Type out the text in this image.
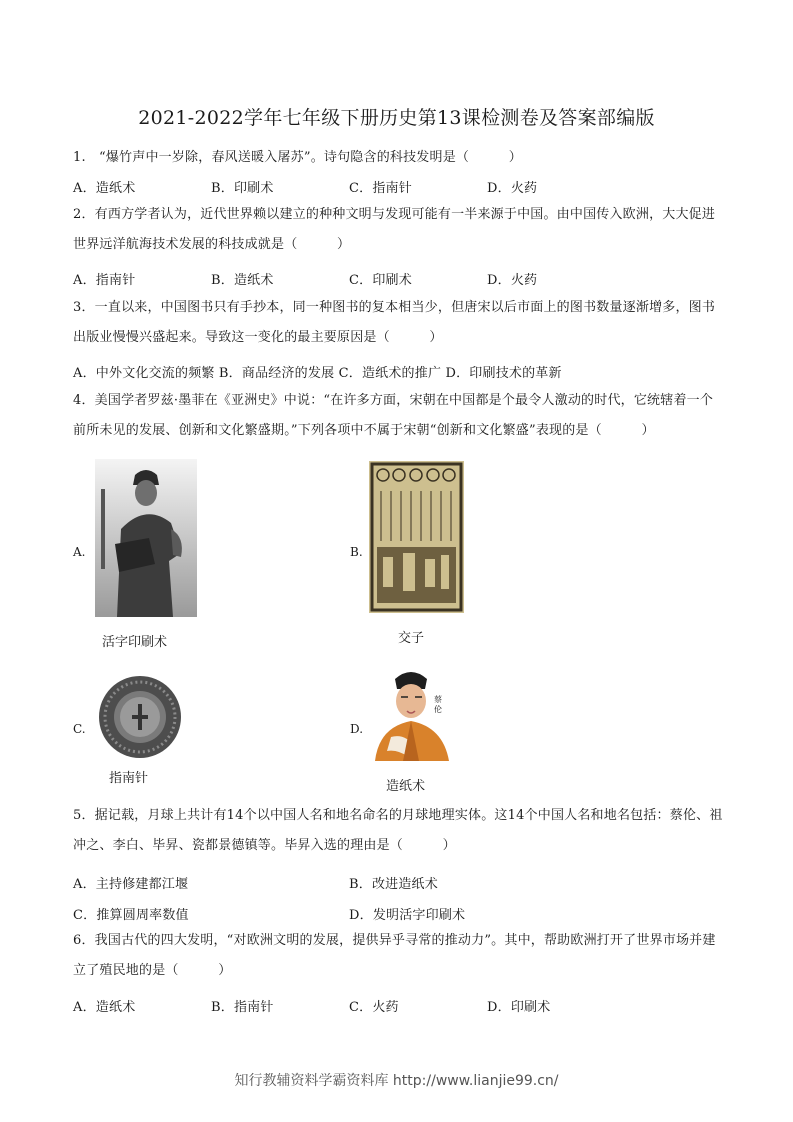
2021-2022学年七年级下册历史第13课检测卷及答案部编版
1.　“爆竹声中一岁除，春风送暖入屠苏”。诗句隐含的科技发明是（　　　）
A．造纸术	B．印刷术	C．指南针	D．火药
2．有西方学者认为，近代世界赖以建立的种种文明与发现可能有一半来源于中国。由中国传入欧洲，大大促进世界远洋航海技术发展的科技成就是（　　　）
A．指南针	B．造纸术	C．印刷术	D．火药
3．一直以来，中国图书只有手抄本，同一种图书的复本相当少，但唐宋以后市面上的图书数量逐渐增多，图书出版业慢慢兴盛起来。导致这一变化的最主要原因是（　　　）
A．中外文化交流的频繁 B．商品经济的发展 C．造纸术的推广 D．印刷技术的革新
4．美国学者罗兹·墨菲在《亚洲史》中说：“在许多方面，宋朝在中国都是个最令人激动的时代，它统辖着一个前所未见的发展、创新和文化繁盛期。”下列各项中不属于宋朝“创新和文化繁盛”表现的是（　　　）
A.
活字印刷术
B.
交子
C.
指南针
D.
蔡伦
造纸术
5．据记载，月球上共计有14个以中国人名和地名命名的月球地理实体。这14个中国人名和地名包括：蔡伦、祖冲之、李白、毕昇、瓷都景德镇等。毕昇入选的理由是（　　　）
A．主持修建都江堰	B．改进造纸术
C．推算圆周率数值	D．发明活字印刷术
6．我国古代的四大发明，“对欧洲文明的发展，提供异乎寻常的推动力”。其中，帮助欧洲打开了世界市场并建立了殖民地的是（　　　）
A．造纸术	B．指南针	C．火药	D．印刷术
知行教辅资料学霸资料库 http://www.lianjie99.cn/
